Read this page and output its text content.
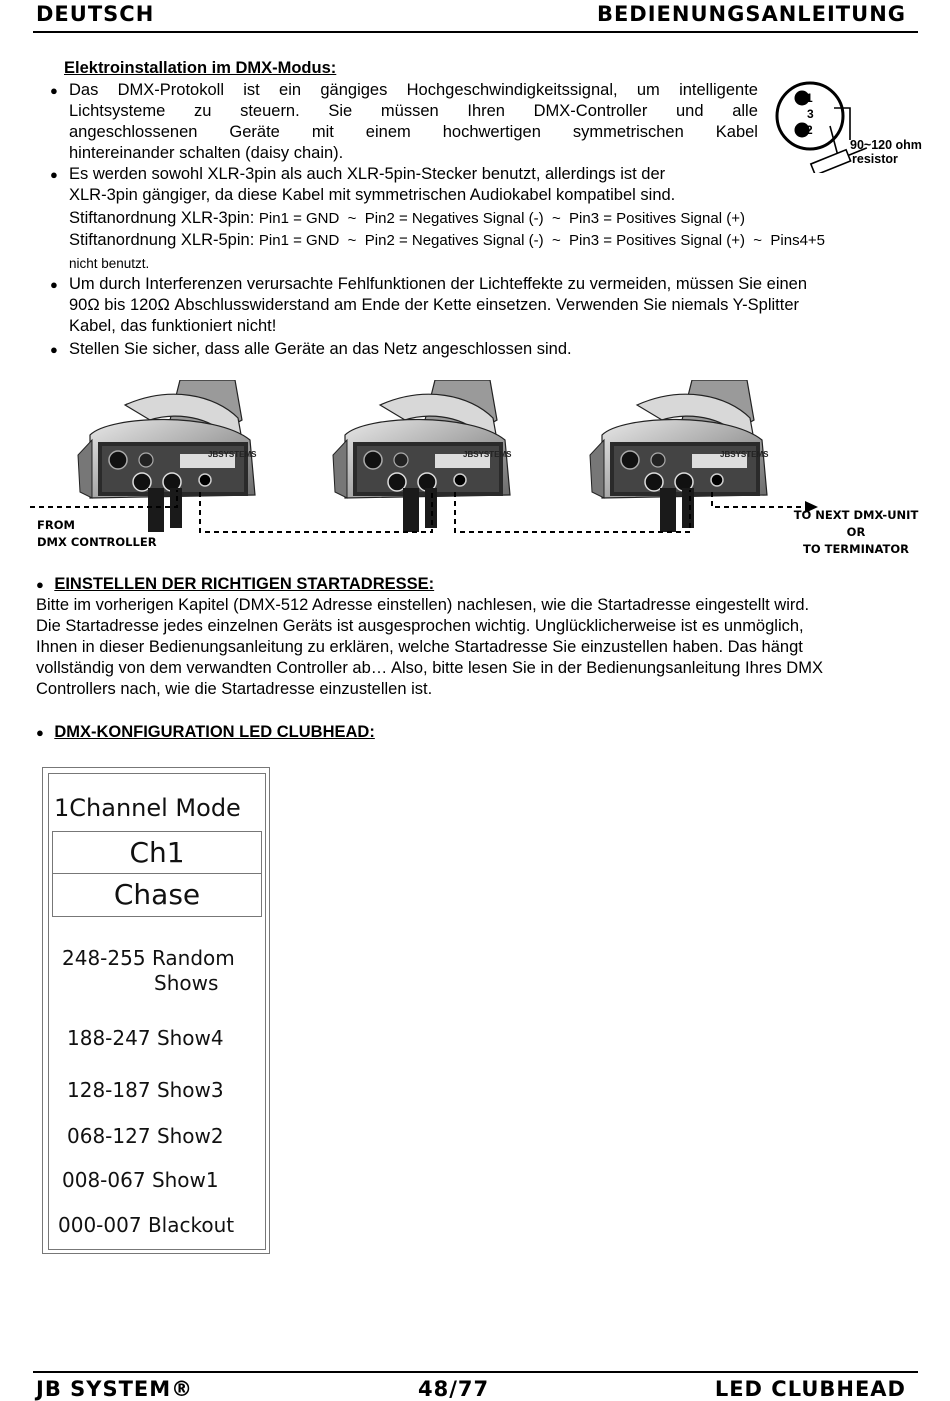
DEUTSCH	BEDIENUNGSANLEITUNG
Elektroinstallation im DMX-Modus:
● Das DMX-Protokoll ist ein gängiges Hochgeschwindigkeitssignal, um intelligente
Lichtsysteme zu steuern. Sie müssen Ihren DMX-Controller und alle
angeschlossenen Geräte mit einem hochwertigen symmetrischen Kabel
hintereinander schalten (daisy chain).
● Es werden sowohl XLR-3pin als auch XLR-5pin-Stecker benutzt, allerdings ist der
XLR-3pin gängiger, da diese Kabel mit symmetrischen Audiokabel kompatibel sind.
Stiftanordnung XLR-3pin: Pin1 = GND  ~  Pin2 = Negatives Signal (-)  ~  Pin3 = Positives Signal (+)
Stiftanordnung XLR-5pin: Pin1 = GND  ~  Pin2 = Negatives Signal (-)  ~  Pin3 = Positives Signal (+)  ~  Pins4+5
nicht benutzt.
● Um durch Interferenzen verursachte Fehlfunktionen der Lichteffekte zu vermeiden, müssen Sie einen
90Ω bis 120Ω Abschlusswiderstand am Ende der Kette einsetzen. Verwenden Sie niemals Y-Splitter
Kabel, das funktioniert nicht!
● Stellen Sie sicher, dass alle Geräte an das Netz angeschlossen sind.
1
3
2
90~120 ohm
resistor
JBSYSTEMS	JBSYSTEMS	JBSYSTEMS
FROM
DMX CONTROLLER
TO NEXT DMX-UNIT
OR
TO TERMINATOR
● EINSTELLEN DER RICHTIGEN STARTADRESSE:
Bitte im vorherigen Kapitel (DMX-512 Adresse einstellen) nachlesen, wie die Startadresse eingestellt wird.
Die Startadresse jedes einzelnen Geräts ist ausgesprochen wichtig. Unglücklicherweise ist es unmöglich,
Ihnen in dieser Bedienungsanleitung zu erklären, welche Startadresse Sie einzustellen haben. Das hängt
vollständig von dem verwandten Controller ab… Also, bitte lesen Sie in der Bedienungsanleitung Ihres DMX
Controllers nach, wie die Startadresse einzustellen ist.
● DMX-KONFIGURATION LED CLUBHEAD:
1Channel Mode
Ch1
Chase
248-255 Random
Shows
188-247 Show4
128-187 Show3
068-127 Show2
008-067 Show1
000-007 Blackout
JB SYSTEM®	48/77	LED CLUBHEAD
